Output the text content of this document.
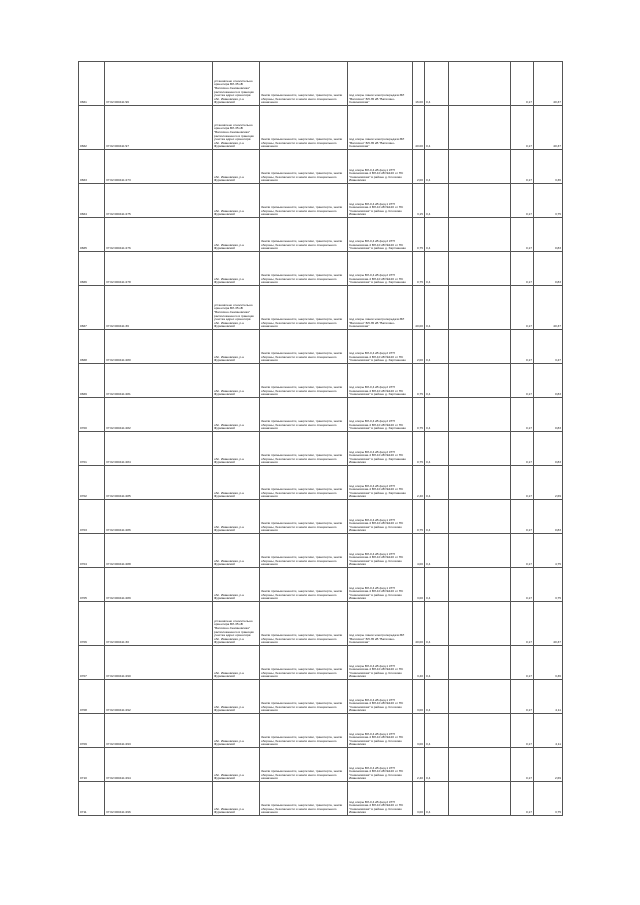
0661	37:02:000411:96	установлено относительно ориентира ВЛ-35 кВ "Ватихино-Семиновская" расположенного в границах участка адрес ориентира: обл. Ивановская, р-н Фурмановский	Земли промышленности, энергетики, транспорта, земли обороны, безопасности и земли иного специального назначения	под опоры линии электропередачи ВЛ "Ватихино" ВЛ-35 кВ "Ватихино-Семиновская"	16.00	0,4		0,17	40,37
0662	37:02:000411:97	установлено относительно ориентира ВЛ-35 кВ "Ватихино-Семиновская" расположенного в границах участка адрес ориентира: обл. Ивановская, р-н Фурмановский	Земли промышленности, энергетики, транспорта, земли обороны, безопасности и земли иного специального назначения	под опоры линии электропередачи ВЛ "Ватихино" ВЛ-35 кВ "Ватихино-Семиновская"	40.00	0,4		0,17	40,37
0663	37:02:000411:273	обл. Ивановская, р-н Фурмановский	Земли промышленности, энергетики, транспорта, земли обороны, безопасности и земли иного специального назначения	под опоры ВЛ-0,4 кВ фид.1 КТП Семиновская-4 ВЛ-10 кВ №120 от ПС "Семиновская" в районе д. Клочково Ивановская	2,00	0,4		0,17	3,36
0664	37:02:000411:275	обл. Ивановская, р-н Фурмановский	Земли промышленности, энергетики, транспорта, земли обороны, безопасности и земли иного специального назначения	под опоры ВЛ-0,4 кВ фид.1 КТП Семиновская-4 ВЛ-10 кВ №120 от ПС "Семиновская" в районе д. Клочково Ивановская	3,15	0,4		0,17	3,75
0665	37:02:000411:276	обл. Ивановская, р-н Фурмановский	Земли промышленности, энергетики, транспорта, земли обороны, безопасности и земли иного специального назначения	под опоры ВЛ-0,4 кВ фид.2 КТП Семиновская-4 ВЛ-10 кВ №120 от ПС "Семиновская" в районе д. Хартманово	0,75	0,4		0,17	0,83
0666	37:02:000411:278	обл. Ивановская, р-н Фурмановский	Земли промышленности, энергетики, транспорта, земли обороны, безопасности и земли иного специального назначения	под опоры ВЛ-0,4 кВ фид.2 КТП Семиновская-4 ВЛ-10 кВ №120 от ПС "Семиновская" в районе д. Хартманово	0,75	0,4		0,17	0,83
0667	37:02:000411:36	установлено относительно ориентира ВЛ-35 кВ "Ватихино-Семиновская" расположенного в границах участка адрес ориентира: обл. Ивановская, р-н Фурмановский	Земли промышленности, энергетики, транспорта, земли обороны, безопасности и земли иного специального назначения	под опоры линии электропередачи ВЛ "Ватихино" ВЛ-35 кВ "Ватихино-Семиновская"	40,00	0,4		0,17	40,37
0668	37:02:000411:280	обл. Ивановская, р-н Фурмановский	Земли промышленности, энергетики, транспорта, земли обороны, безопасности и земли иного специального назначения	под опоры ВЛ-0,4 кВ фид.2 КТП Семиновская-4 ВЛ-10 кВ №120 от ПС "Семиновская" в районе д. Хартманово	2,00	0,4		0,17	3,47
0669	37:02:000411:281	обл. Ивановская, р-н Фурмановский	Земли промышленности, энергетики, транспорта, земли обороны, безопасности и земли иного специального назначения	под опоры ВЛ-0,4 кВ фид.2 КТП Семиновская-4 ВЛ-10 кВ №120 от ПС "Семиновская" в районе д. Хартманово	0,75	0,4		0,17	0,83
0700	37:02:000411:282	обл. Ивановская, р-н Фурмановский	Земли промышленности, энергетики, транспорта, земли обороны, безопасности и земли иного специального назначения	под опоры ВЛ-0,4 кВ фид.2 КТП Семиновская-4 ВЛ-10 кВ №120 от ПС "Семиновская" в районе д. Хартманово	0,75	0,4		0,17	0,83
0701	37:02:000411:284	обл. Ивановская, р-н Фурмановский	Земли промышленности, энергетики, транспорта, земли обороны, безопасности и земли иного специального назначения	под опоры ВЛ-0,4 кВ фид.2 КТП Семиновская-4 ВЛ-10 кВ №120 от ПС "Семиновская" в районе д. Хартманово Ивановская	0,75	0,4		0,17	0,83
0702	37:02:000411:285	обл. Ивановская, р-н Фурмановский	Земли промышленности, энергетики, транспорта, земли обороны, безопасности и земли иного специального назначения	под опоры ВЛ-0,4 кВ фид.2 КТП Семиновская-4 ВЛ-10 кВ №120 от ПС "Семиновская" в районе д. Хартманово Ивановская	2,40	0,4		0,17	2,69
0703	37:02:000411:286	обл. Ивановская, р-н Фурмановский	Земли промышленности, энергетики, транспорта, земли обороны, безопасности и земли иного специального назначения	под опоры ВЛ-0,4 кВ фид.1 КТП Семиновская-4 ВЛ-10 кВ №120 от ПС "Семиновская" в районе д. Клочково Ивановская	0,75	0,4		0,17	0,83
0704	37:02:000411:288	обл. Ивановская, р-н Фурмановский	Земли промышленности, энергетики, транспорта, земли обороны, безопасности и земли иного специального назначения	под опоры ВЛ-0,4 кВ фид.1 КТП Семиновская-4 ВЛ-10 кВ №120 от ПС "Семиновская" в районе д. Клочково Ивановская	4,00	0,4		0,17	4,75
0705	37:02:000411:289	обл. Ивановская, р-н Фурмановский	Земли промышленности, энергетики, транспорта, земли обороны, безопасности и земли иного специального назначения	под опоры ВЛ-0,4 кВ фид.1 КТП Семиновская-4 ВЛ-10 кВ №120 от ПС "Семиновская" в районе д. Клочково Ивановская	3,00	0,4		0,17	3,75
0706	37:02:000411:30	установлено относительно ориентира ВЛ-35 кВ "Ватихино-Семиновская" расположенного в границах участка адрес ориентира: обл. Ивановская, р-н Фурмановский	Земли промышленности, энергетики, транспорта, земли обороны, безопасности и земли иного специального назначения	под опоры линии электропередачи ВЛ "Ватихино" ВЛ-35 кВ "Ватихино-Семиновская"	40,00	0,4		0,17	40,37
0707	37:02:000411:290	обл. Ивановская, р-н Фурмановский	Земли промышленности, энергетики, транспорта, земли обороны, безопасности и земли иного специального назначения	под опоры ВЛ-0,4 кВ фид.1 КТП Семиновская-4 ВЛ-10 кВ №120 от ПС "Семиновская" в районе д. Клочково Ивановская	3,40	0,4		0,17	3,36
0708	37:02:000411:292	обл. Ивановская, р-н Фурмановский	Земли промышленности, энергетики, транспорта, земли обороны, безопасности и земли иного специального назначения	под опоры ВЛ-0,4 кВ фид.1 КТП Семиновская-4 ВЛ-10 кВ №120 от ПС "Семиновская" в районе д. Клочково Ивановская	3,00	0,4		0,17	4,11
0709	37:02:000411:293	обл. Ивановская, р-н Фурмановский	Земли промышленности, энергетики, транспорта, земли обороны, безопасности и земли иного специального назначения	под опоры ВЛ-0,4 кВ фид.1 КТП Семиновская-4 ВЛ-10 кВ №120 от ПС "Семиновская" в районе д. Клочково Ивановская	3,00	0,4		0,17	4,11
0710	37:02:000411:294	обл. Ивановская, р-н Фурмановский	Земли промышленности, энергетики, транспорта, земли обороны, безопасности и земли иного специального назначения	под опоры ВЛ-0,4 кВ фид.1 КТП Семиновская-4 ВЛ-10 кВ №120 от ПС "Семиновская" в районе д. Клочково Ивановская	2,40	0,4		0,17	2,69
0711	37:02:000411:296	обл. Ивановская, р-н Фурмановский	Земли промышленности, энергетики, транспорта, земли обороны, безопасности и земли иного специального назначения	под опоры ВЛ-0,4 кВ фид.2 КТП Семиновская-4 ВЛ-10 кВ №120 от ПС "Семиновская" в районе д. Клочково Ивановская	3,00	0,4		0,17	3,75
